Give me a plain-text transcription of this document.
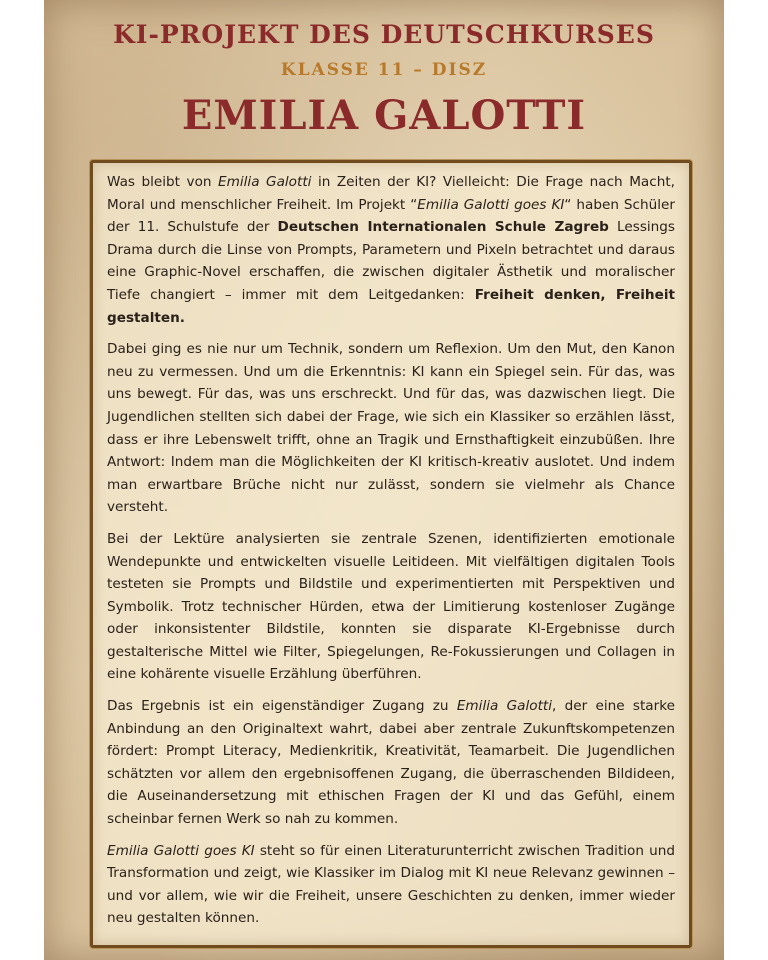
KI-PROJEKT DES DEUTSCHKURSES
KLASSE 11 – DISZ
EMILIA GALOTTI

Was bleibt von Emilia Galotti in Zeiten der KI? Vielleicht: Die Frage nach Macht, Moral und menschlicher Freiheit. Im Projekt “Emilia Galotti goes KI“ haben Schüler der 11. Schulstufe der Deutschen Internationalen Schule Zagreb Lessings Drama durch die Linse von Prompts, Parametern und Pixeln betrachtet und daraus eine Graphic-Novel erschaffen, die zwischen digitaler Ästhetik und moralischer Tiefe changiert – immer mit dem Leitgedanken: Freiheit denken, Freiheit gestalten.

Dabei ging es nie nur um Technik, sondern um Reflexion. Um den Mut, den Kanon neu zu vermessen. Und um die Erkenntnis: KI kann ein Spiegel sein. Für das, was uns bewegt. Für das, was uns erschreckt. Und für das, was dazwischen liegt. Die Jugendlichen stellten sich dabei der Frage, wie sich ein Klassiker so erzählen lässt, dass er ihre Lebenswelt trifft, ohne an Tragik und Ernsthaftigkeit einzubüßen. Ihre Antwort: Indem man die Möglichkeiten der KI kritisch-kreativ auslotet. Und indem man erwartbare Brüche nicht nur zulässt, sondern sie vielmehr als Chance versteht.

Bei der Lektüre analysierten sie zentrale Szenen, identifizierten emotionale Wendepunkte und entwickelten visuelle Leitideen. Mit vielfältigen digitalen Tools testeten sie Prompts und Bildstile und experimentierten mit Perspektiven und Symbolik. Trotz technischer Hürden, etwa der Limitierung kostenloser Zugänge oder inkonsistenter Bildstile, konnten sie disparate KI-Ergebnisse durch gestalterische Mittel wie Filter, Spiegelungen, Re-Fokussierungen und Collagen in eine kohärente visuelle Erzählung überführen.

Das Ergebnis ist ein eigenständiger Zugang zu Emilia Galotti, der eine starke Anbindung an den Originaltext wahrt, dabei aber zentrale Zukunftskompetenzen fördert: Prompt Literacy, Medienkritik, Kreativität, Teamarbeit. Die Jugendlichen schätzten vor allem den ergebnisoffenen Zugang, die überraschenden Bildideen, die Auseinandersetzung mit ethischen Fragen der KI und das Gefühl, einem scheinbar fernen Werk so nah zu kommen.

Emilia Galotti goes KI steht so für einen Literaturunterricht zwischen Tradition und Transformation und zeigt, wie Klassiker im Dialog mit KI neue Relevanz gewinnen – und vor allem, wie wir die Freiheit, unsere Geschichten zu denken, immer wieder neu gestalten können.
